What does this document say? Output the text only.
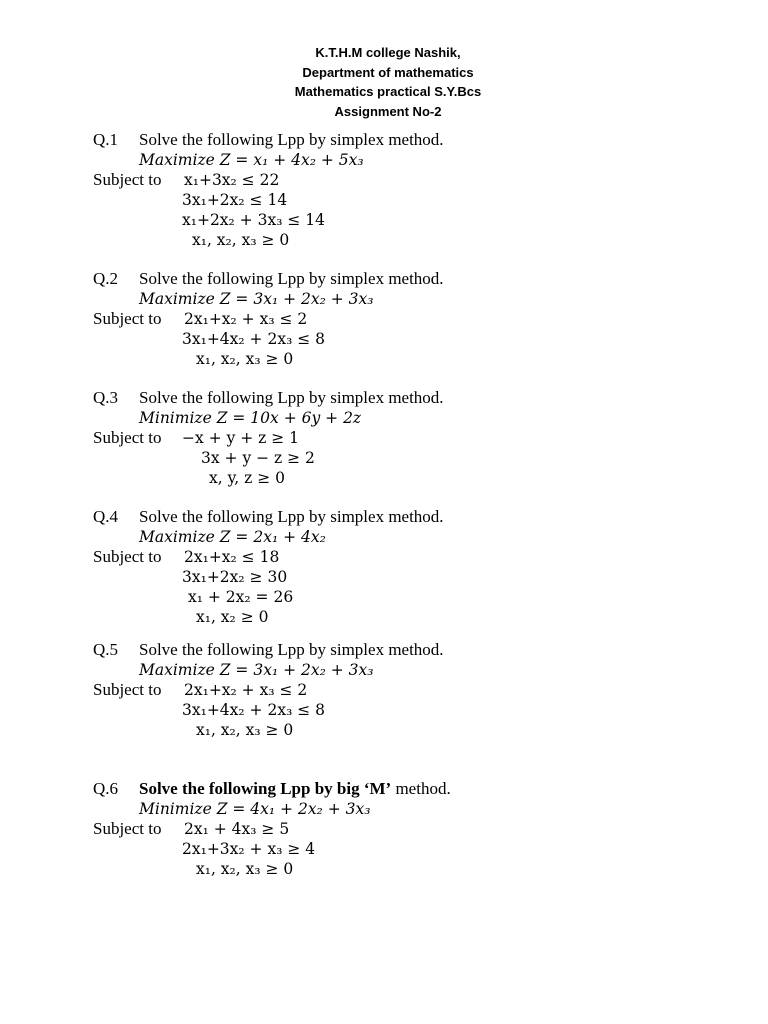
K.T.H.M college Nashik,
Department of mathematics
Mathematics practical S.Y.Bcs
Assignment No-2
Q.1 Solve the following Lpp by simplex method.
Maximize Z = x₁ + 4x₂ + 5x₃
Subject to x₁+3x₂ ≤ 22
3x₁+2x₂ ≤ 14
x₁+2x₂ + 3x₃ ≤ 14
x₁, x₂, x₃ ≥ 0
Q.2 Solve the following Lpp by simplex method.
Maximize Z = 3x₁ + 2x₂ + 3x₃
Subject to 2x₁+x₂ + x₃ ≤ 2
3x₁+4x₂ + 2x₃ ≤ 8
x₁, x₂, x₃ ≥ 0
Q.3 Solve the following Lpp by simplex method.
Minimize Z = 10x + 6y + 2z
Subject to −x + y + z ≥ 1
3x + y − z ≥ 2
x, y, z ≥ 0
Q.4 Solve the following Lpp by simplex method.
Maximize Z = 2x₁ + 4x₂
Subject to 2x₁+x₂ ≤ 18
3x₁+2x₂ ≥ 30
x₁ + 2x₂ = 26
x₁, x₂ ≥ 0
Q.5 Solve the following Lpp by simplex method.
Maximize Z = 3x₁ + 2x₂ + 3x₃
Subject to 2x₁+x₂ + x₃ ≤ 2
3x₁+4x₂ + 2x₃ ≤ 8
x₁, x₂, x₃ ≥ 0
Q.6 Solve the following Lpp by big ‘M’ method.
Minimize Z = 4x₁ + 2x₂ + 3x₃
Subject to 2x₁ + 4x₃ ≥ 5
2x₁+3x₂ + x₃ ≥ 4
x₁, x₂, x₃ ≥ 0
